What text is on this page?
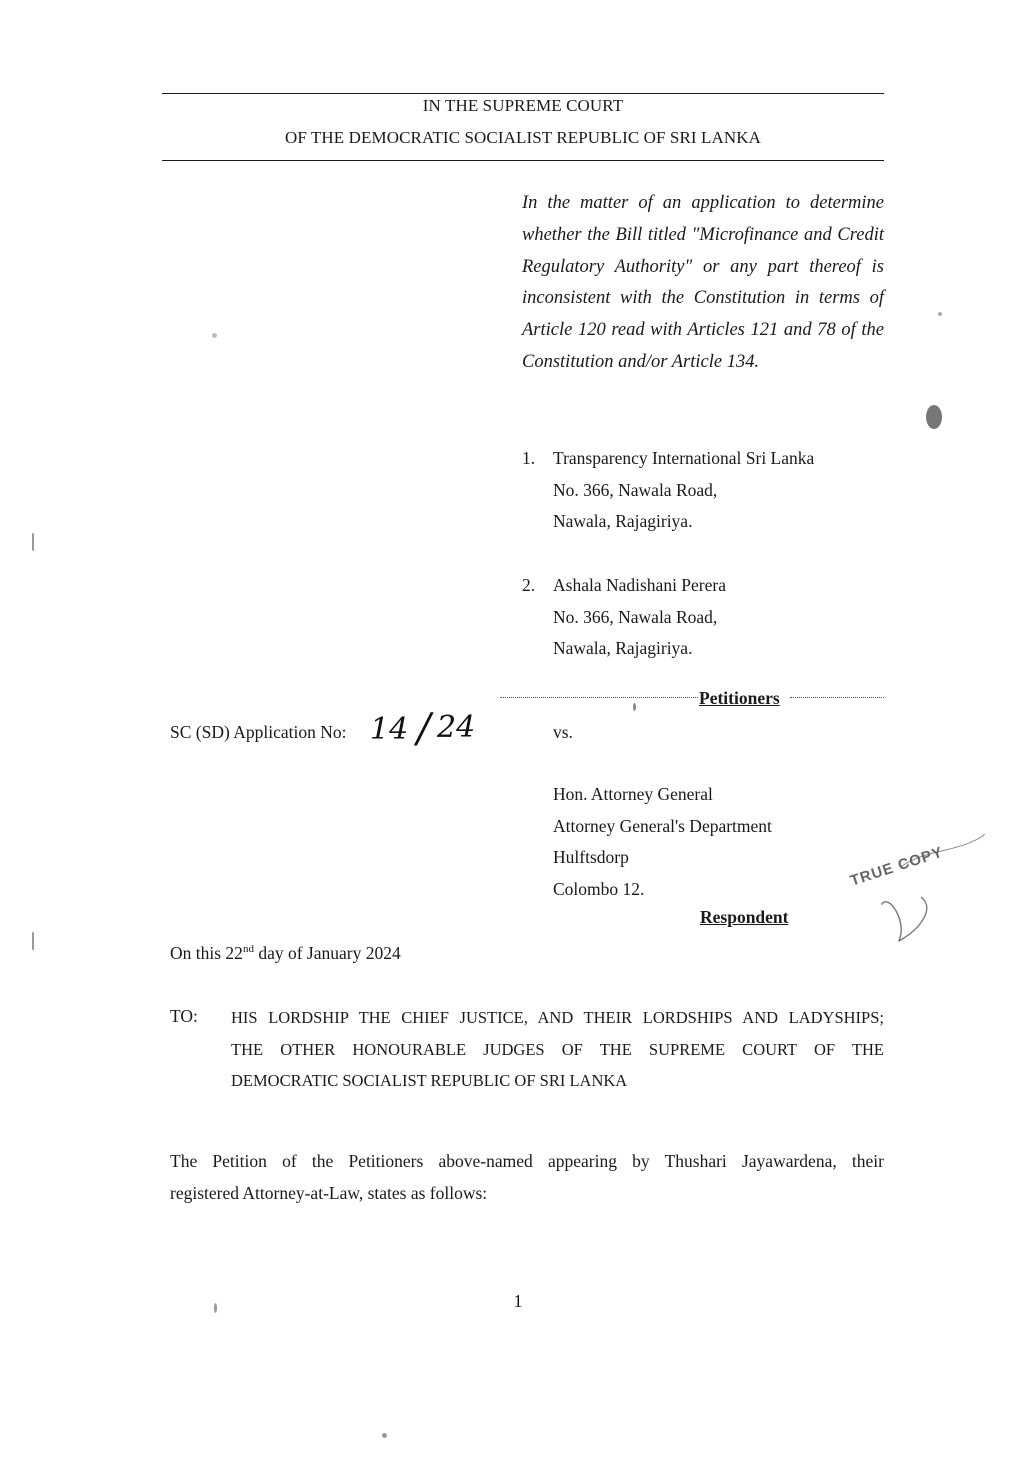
IN THE SUPREME COURT
OF THE DEMOCRATIC SOCIALIST REPUBLIC OF SRI LANKA
In the matter of an application to determine whether the Bill titled "Microfinance and Credit Regulatory Authority" or any part thereof is inconsistent with the Constitution in terms of Article 120 read with Articles 121 and 78 of the Constitution and/or Article 134.
1. Transparency International Sri Lanka
No. 366, Nawala Road,
Nawala, Rajagiriya.
2. Ashala Nadishani Perera
No. 366, Nawala Road,
Nawala, Rajagiriya.
Petitioners
SC (SD) Application No: 14 / 24	vs.
Hon. Attorney General
Attorney General's Department
Hulftsdorp
Colombo 12.
Respondent
On this 22nd day of January 2024
TO: HIS LORDSHIP THE CHIEF JUSTICE, AND THEIR LORDSHIPS AND LADYSHIPS;
THE OTHER HONOURABLE JUDGES OF THE SUPREME COURT OF THE
DEMOCRATIC SOCIALIST REPUBLIC OF SRI LANKA
The Petition of the Petitioners above-named appearing by Thushari Jayawardena, their
registered Attorney-at-Law, states as follows:
1
TRUE COPY
